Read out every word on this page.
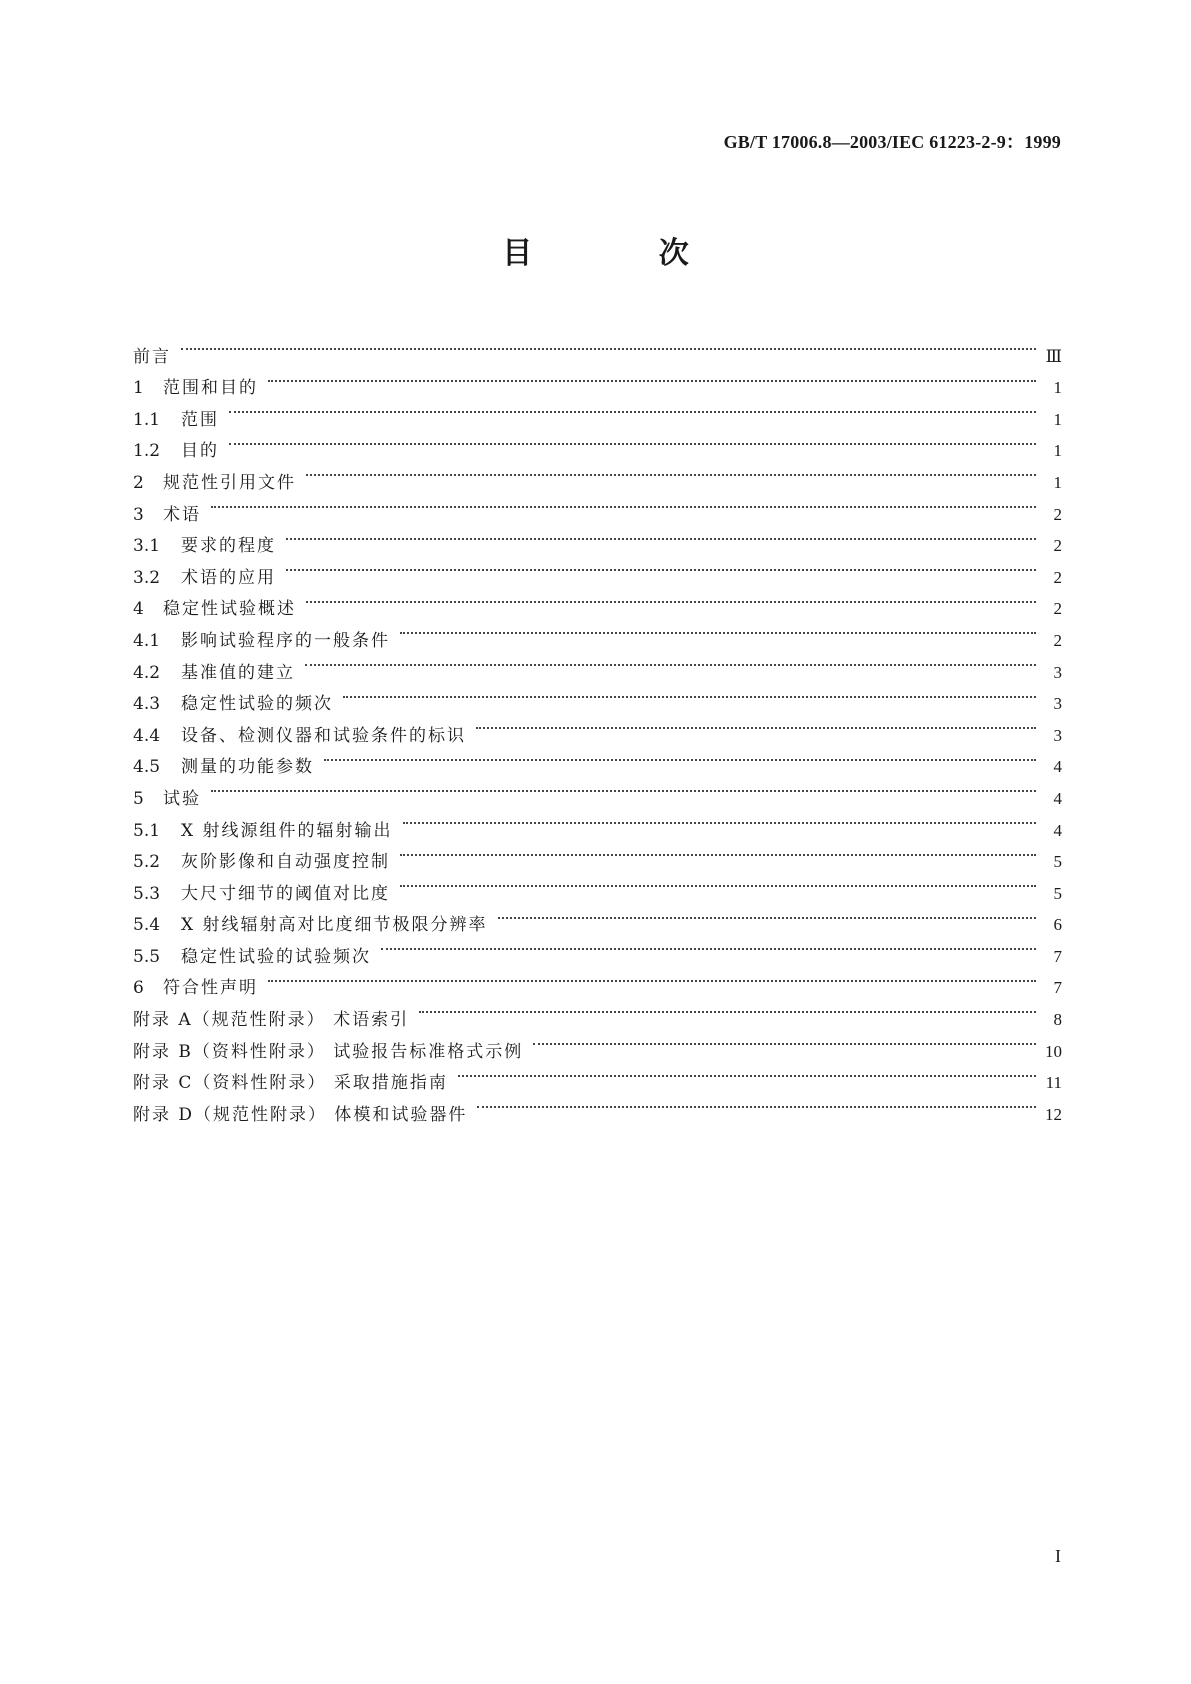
GB/T 17006.8—2003/IEC 61223-2-9：1999
目 次
前言	Ⅲ
1	范围和目的	1
1.1	范围	1
1.2	目的	1
2	规范性引用文件	1
3	术语	2
3.1	要求的程度	2
3.2	术语的应用	2
4	稳定性试验概述	2
4.1	影响试验程序的一般条件	2
4.2	基准值的建立	3
4.3	稳定性试验的频次	3
4.4	设备、检测仪器和试验条件的标识	3
4.5	测量的功能参数	4
5	试验	4
5.1	X 射线源组件的辐射输出	4
5.2	灰阶影像和自动强度控制	5
5.3	大尺寸细节的阈值对比度	5
5.4	X 射线辐射高对比度细节极限分辨率	6
5.5	稳定性试验的试验频次	7
6	符合性声明	7
附录 A（规范性附录） 术语索引	8
附录 B（资料性附录） 试验报告标准格式示例	10
附录 C（资料性附录） 采取措施指南	11
附录 D（规范性附录） 体模和试验器件	12
I
